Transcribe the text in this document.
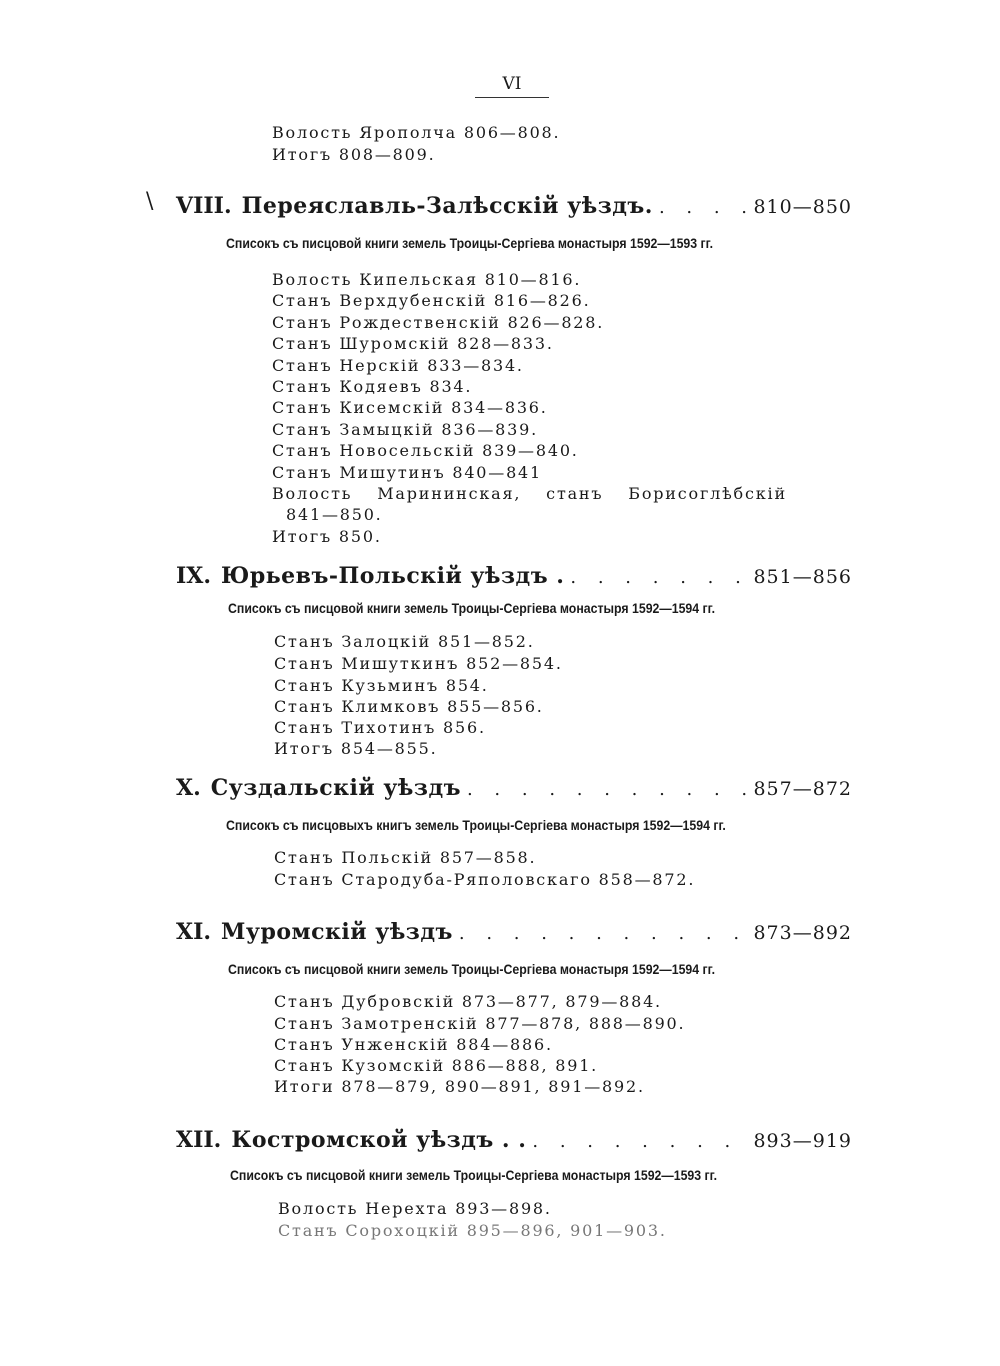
VI
\
Волость Ярополча 806—808.
Итогъ 808—809.
VIII. Переяславль-Залѣсскій уѣздъ. . . .	810—850
Списокъ съ писцовой книги земель Троицы-Сергіева монастыря 1592—1593 гг.
Волость Кипельская 810—816.
Станъ Верхдубенскій 816—826.
Станъ Рождественскій 826—828.
Станъ Шуромскій 828—833.
Станъ Нерскій 833—834.
Станъ Кодяевъ 834.
Станъ Кисемскій 834—836.
Станъ Замыцкій 836—839.
Станъ Новосельскій 839—840.
Станъ Мишутинъ 840—841
Волость Марининская, станъ Борисоглѣбскій
841—850.
Итогъ 850.
IX. Юрьевъ-Польскій уѣздъ . . . .	851—856
Списокъ съ писцовой книги земель Троицы-Сергіева монастыря 1592—1594 гг.
Станъ Залоцкій 851—852.
Станъ Мишуткинъ 852—854.
Станъ Кузьминъ 854.
Станъ Климковъ 855—856.
Станъ Тихотинъ 856.
Итогъ 854—855.
X. Суздальскій уѣздъ . . .	857—872
Списокъ съ писцовыхъ книгъ земель Троицы-Сергіева монастыря 1592—1594 гг.
Станъ Польскій 857—858.
Станъ Стародуба-Ряполовскаго 858—872.
XI. Муромскій уѣздъ . . .	873—892
Списокъ съ писцовой книги земель Троицы-Сергіева монастыря 1592—1594 гг.
Станъ Дубровскій 873—877, 879—884.
Станъ Замотренскій 877—878, 888—890.
Станъ Унженскій 884—886.
Станъ Кузомскій 886—888, 891.
Итоги 878—879, 890—891, 891—892.
XII. Костромской уѣздъ . . . . .	893—919
Списокъ съ писцовой книги земель Троицы-Сергіева монастыря 1592—1593 гг.
Волость Нерехта 893—898.
Станъ Сорохоцкій 895—896, 901—903.
